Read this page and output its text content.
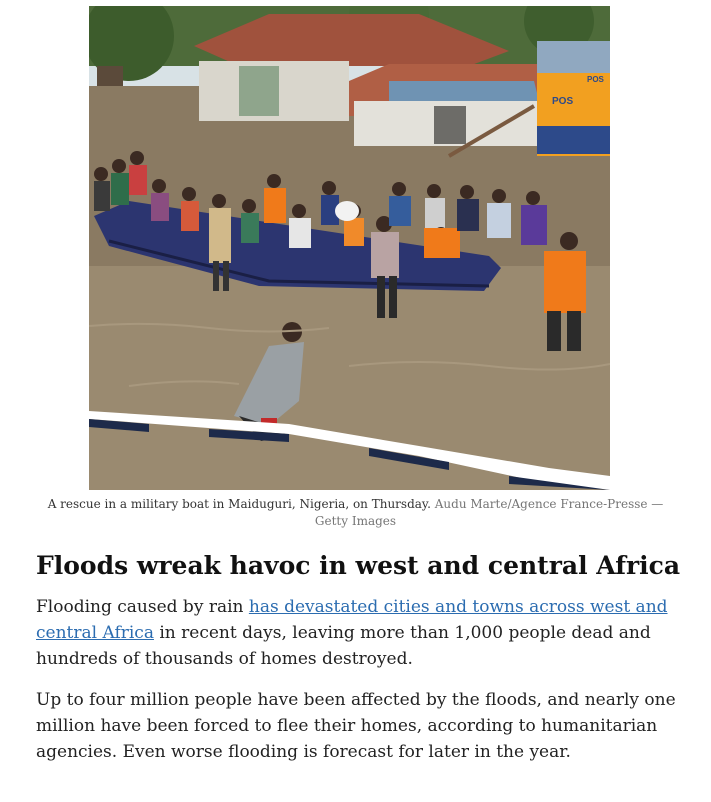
POS
POS
A rescue in a military boat in Maiduguri, Nigeria, on Thursday. Audu Marte/Agence France-Presse — Getty Images
Floods wreak havoc in west and central Africa

Flooding caused by rain has devastated cities and towns across west and central Africa in recent days, leaving more than 1,000 people dead and hundreds of thousands of homes destroyed.

Up to four million people have been affected by the floods, and nearly one million have been forced to flee their homes, according to humanitarian agencies. Even worse flooding is forecast for later in the year.
